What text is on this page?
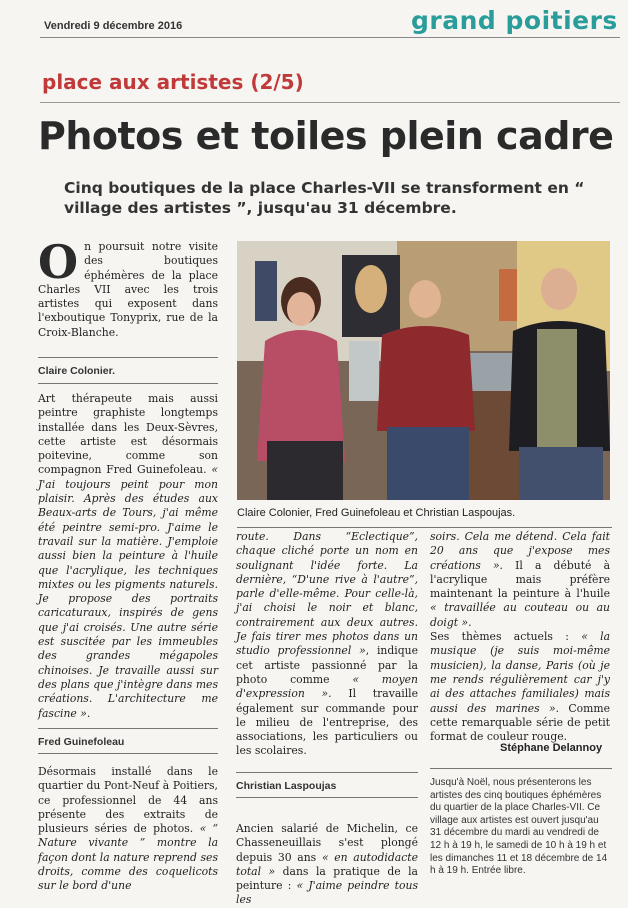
Vendredi 9 décembre 2016	grand poitiers
place aux artistes (2/5)
Photos et toiles plein cadre
Cinq boutiques de la place Charles-VII se transforment en “ village des artistes ”, jusqu'au 31 décembre.
On poursuit notre visite des boutiques éphémères de la place Charles VII avec les trois artistes qui exposent dans l'exboutique Tonyprix, rue de la Croix-Blanche.
Claire Colonier.
Art thérapeute mais aussi peintre graphiste longtemps installée dans les Deux-Sèvres, cette artiste est désormais poitevine, comme son compagnon Fred Guinefoleau. « J'ai toujours peint pour mon plaisir. Après des études aux Beaux-arts de Tours, j'ai même été peintre semi-pro. J'aime le travail sur la matière. J'emploie aussi bien la peinture à l'huile que l'acrylique, les techniques mixtes ou les pigments naturels. Je propose des portraits caricaturaux, inspirés de gens que j'ai croisés. Une autre série est suscitée par les immeubles des grandes mégapoles chinoises. Je travaille aussi sur des plans que j'intègre dans mes créations. L'architecture me fascine ».
Fred Guinefoleau
Désormais installé dans le quartier du Pont-Neuf à Poitiers, ce professionnel de 44 ans présente des extraits de plusieurs séries de photos. « “ Nature vivante ” montre la façon dont la nature reprend ses droits, comme des coquelicots sur le bord d'une
Claire Colonier, Fred Guinefoleau et Christian Laspoujas.
route. Dans “Eclectique”, chaque cliché porte un nom en soulignant l'idée forte. La dernière, “D'une rive à l'autre”, parle d'elle-même. Pour celle-là, j'ai choisi le noir et blanc, contrairement aux deux autres. Je fais tirer mes photos dans un studio professionnel », indique cet artiste passionné par la photo comme « moyen d'expression ». Il travaille également sur commande pour le milieu de l'entreprise, des associations, les particuliers ou les scolaires.
Christian Laspoujas
Ancien salarié de Michelin, ce Chasseneuillais s'est plongé depuis 30 ans « en autodidacte total » dans la pratique de la peinture : « J'aime peindre tous les
soirs. Cela me détend. Cela fait 20 ans que j'expose mes créations ». Il a débuté à l'acrylique mais préfère maintenant la peinture à l'huile « travaillée au couteau ou au doigt ».
Ses thèmes actuels : « la musique (je suis moi-même musicien), la danse, Paris (où je me rends régulièrement car j'y ai des attaches familiales) mais aussi des marines ». Comme cette remarquable série de petit format de couleur rouge.
Stéphane Delannoy
Jusqu'à Noël, nous présenterons les artistes des cinq boutiques éphémères du quartier de la place Charles-VII. Ce village aux artistes est ouvert jusqu'au 31 décembre du mardi au vendredi de 12 h à 19 h, le samedi de 10 h à 19 h et les dimanches 11 et 18 décembre de 14 h à 19 h. Entrée libre.
